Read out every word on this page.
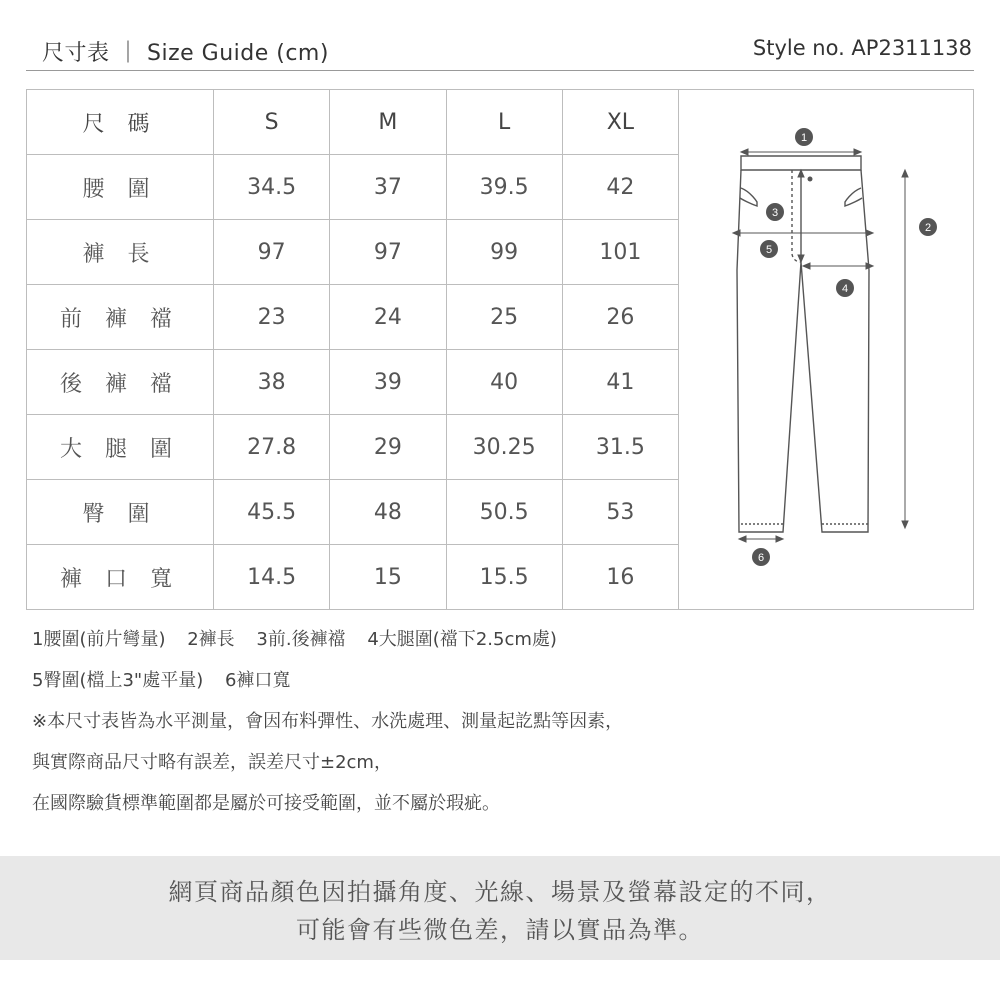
尺寸表 ｜ Size Guide (cm)	Style no. AP2311138
尺 碼	S	M	L	XL
腰 圍	34.5	37	39.5	42
褲 長	97	97	99	101
前 褲 襠	23	24	25	26
後 褲 襠	38	39	40	41
大 腿 圍	27.8	29	30.25	31.5
臀 圍	45.5	48	50.5	53
褲 口 寬	14.5	15	15.5	16
1
2
3
4
5
6
1腰圍(前片彎量) 2褲長 3前.後褲襠 4大腿圍(襠下2.5cm處)
5臀圍(檔上3"處平量) 6褲口寬
※本尺寸表皆為水平測量，會因布料彈性、水洗處理、測量起訖點等因素，
與實際商品尺寸略有誤差，誤差尺寸±2cm，
在國際驗貨標準範圍都是屬於可接受範圍，並不屬於瑕疵。
網頁商品顏色因拍攝角度、光線、場景及螢幕設定的不同，
可能會有些微色差，請以實品為準。
